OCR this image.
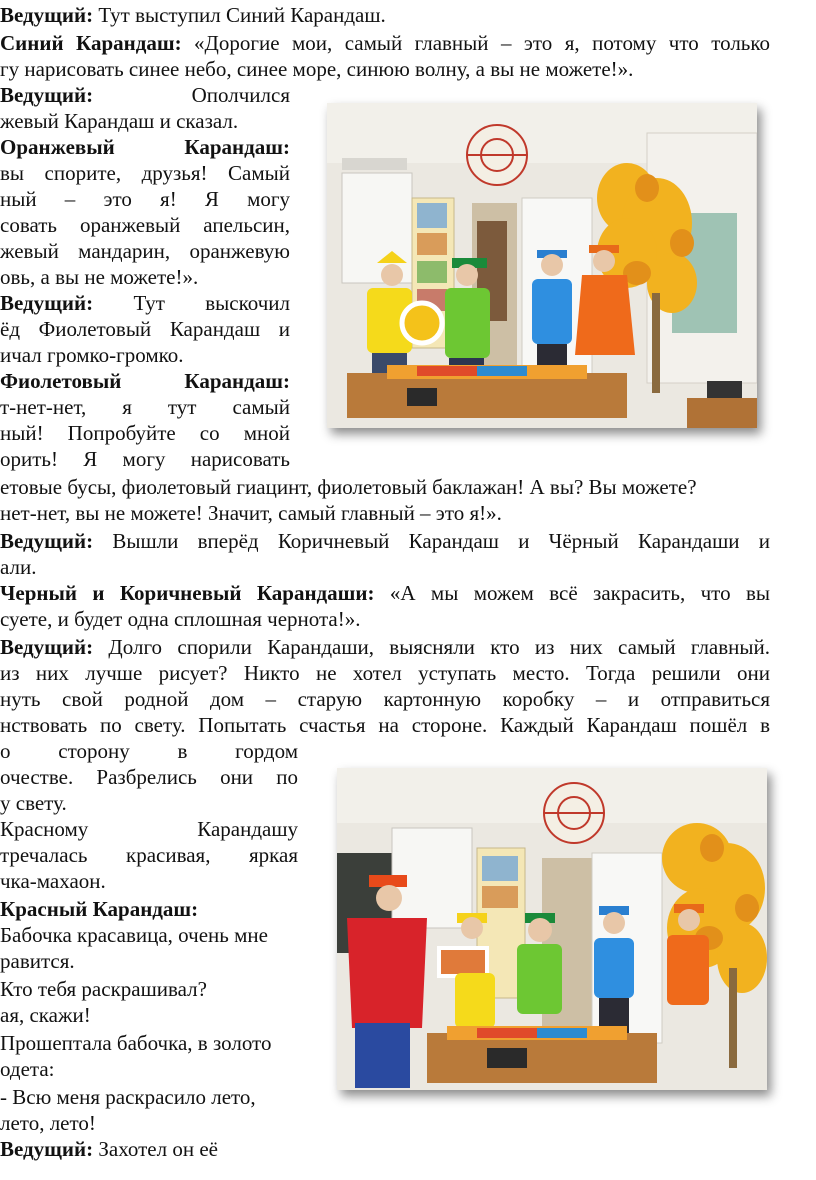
Ведущий: Тут выступил Синий Карандаш.
Синий Карандаш: «Дорогие мои, самый главный – это я, потому что только
гу нарисовать синее небо, синее море, синюю волну, а вы не можете!».
Ведущий: Ополчился
жевый Карандаш и сказал.
Оранжевый Карандаш:
вы спорите, друзья! Самый
ный – это я! Я могу
совать оранжевый апельсин,
жевый мандарин, оранжевую
овь, а вы не можете!».
Ведущий: Тут выскочил
ёд Фиолетовый Карандаш и
ичал громко-громко.
Фиолетовый Карандаш:
т-нет-нет, я тут самый
ный! Попробуйте со мной
орить! Я могу нарисовать
етовые бусы, фиолетовый гиацинт, фиолетовый баклажан! А вы? Вы можете?
нет-нет, вы не можете! Значит, самый главный – это я!».
Ведущий: Вышли вперёд Коричневый Карандаш и Чёрный Карандаши и
али.
Черный и Коричневый Карандаши: «А мы можем всё закрасить, что вы
суете, и будет одна сплошная чернота!».
Ведущий: Долго спорили Карандаши, выясняли кто из них самый главный.
из них лучше рисует? Никто не хотел уступать место. Тогда решили они
нуть свой родной дом – старую картонную коробку – и отправиться
нствовать по свету. Попытать счастья на стороне. Каждый Карандаш пошёл в
о сторону в гордом
очестве. Разбрелись они по
у свету.
Красному Карандашу
тречалась красивая, яркая
чка-махаон.
Красный Карандаш:
Бабочка красавица, очень мне
равится.
Кто тебя раскрашивал?
ая, скажи!
Прошептала бабочка, в золото
одета:
- Всю меня раскрасило лето,
лето, лето!
Ведущий: Захотел он её
